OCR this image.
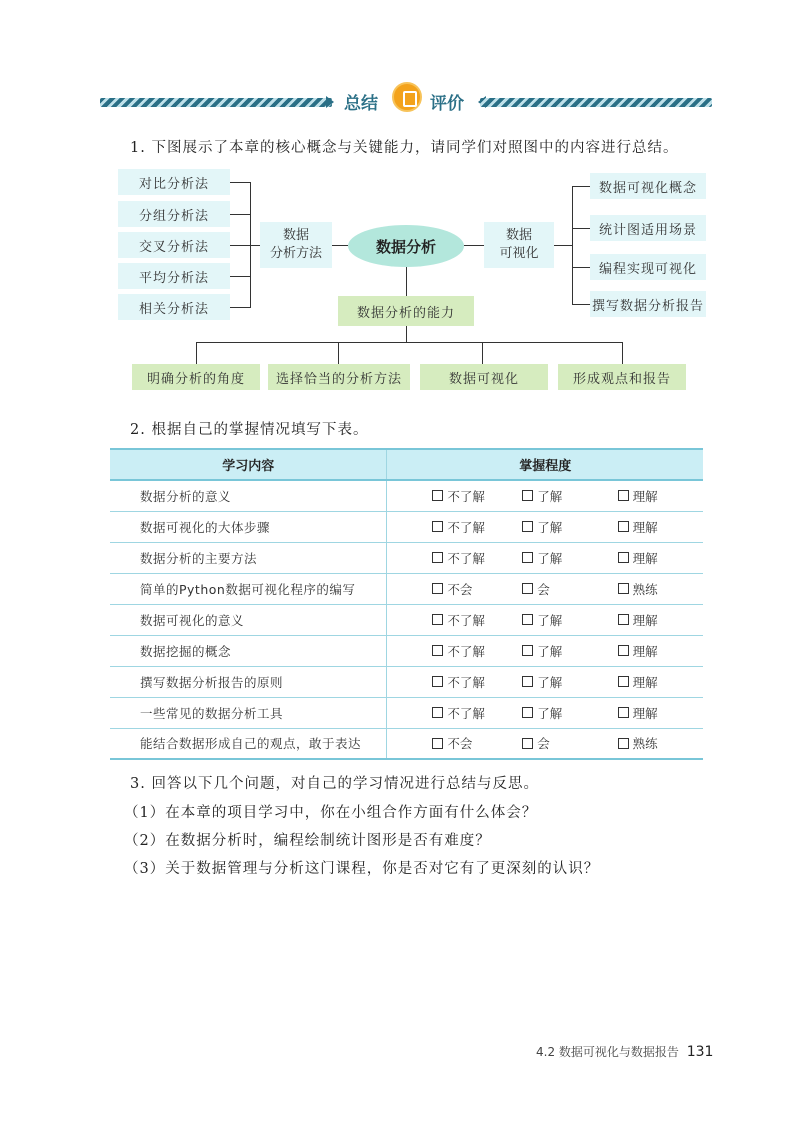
总结	评价
1. 下图展示了本章的核心概念与关键能力，请同学们对照图中的内容进行总结。
对比分析法
分组分析法
交叉分析法
平均分析法
相关分析法
数据
分析方法	数据分析
数据
可视化
数据可视化概念
统计图适用场景
编程实现可视化
撰写数据分析报告
数据分析的能力
明确分析的角度	选择恰当的分析方法	数据可视化	形成观点和报告
2. 根据自己的掌握情况填写下表。
学习内容	掌握程度		
数据分析的意义	不了解	了解	理解

数据可视化的大体步骤	不了解	了解	理解

数据分析的主要方法	不了解	了解	理解

简单的Python数据可视化程序的编写	不会	会	熟练

数据可视化的意义	不了解	了解	理解

数据挖掘的概念	不了解	了解	理解

撰写数据分析报告的原则	不了解	了解	理解

一些常见的数据分析工具	不了解	了解	理解

能结合数据形成自己的观点，敢于表达	不会	会	熟练
3. 回答以下几个问题，对自己的学习情况进行总结与反思。
（1）在本章的项目学习中，你在小组合作方面有什么体会？
（2）在数据分析时，编程绘制统计图形是否有难度？
（3）关于数据管理与分析这门课程，你是否对它有了更深刻的认识？
4.2 数据可视化与数据报告 131
